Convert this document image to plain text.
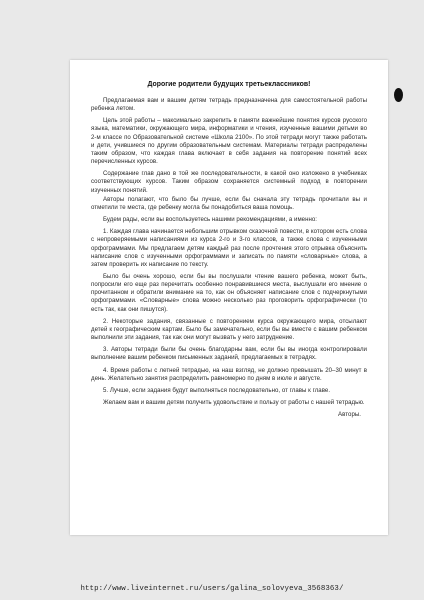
Дорогие родители будущих третьеклассников!

Предлагаемая вам и вашим детям тетрадь предназначена для самостоятельной работы ребенка летом.

Цель этой работы – максимально закрепить в памяти важнейшие понятия курсов русского языка, математики, окружающего мира, информатики и чтения, изученные вашими детьми во 2-м классе по Образовательной системе «Школа 2100». По этой тетради могут также работать и дети, учившиеся по другим образовательным системам. Материалы тетради распределены таким образом, что каждая глава включает в себя задания на повторение понятий всех перечисленных курсов.

Содержание глав дано в той же последовательности, в какой оно изложено в учебниках соответствующих курсов. Таким образом сохраняется системный подход в повторении изученных понятий.

Авторы полагают, что было бы лучше, если бы сначала эту тетрадь прочитали вы и отметили те места, где ребенку могла бы понадобиться ваша помощь.

Будем рады, если вы воспользуетесь нашими рекомендациями, а именно:

1. Каждая глава начинается небольшим отрывком сказочной повести, в котором есть слова с непроверяемыми написаниями из курса 2-го и 3-го классов, а также слова с изученными орфограммами. Мы предлагаем детям каждый раз после прочтения этого отрывка объяснить написание слов с изученными орфограммами и записать по памяти «словарные» слова, а затем проверить их написание по тексту.

Было бы очень хорошо, если бы вы послушали чтение вашего ребенка, может быть, попросили его еще раз перечитать особенно понравившиеся места, выслушали его мнение о прочитанном и обратили внимание на то, как он объясняет написание слов с подчеркнутыми орфограммами. «Словарные» слова можно несколько раз проговорить орфографически (то есть так, как они пишутся).

2. Некоторые задания, связанные с повторением курса окружающего мира, отсылают детей к географическим картам. Было бы замечательно, если бы вы вместе с вашим ребенком выполнили эти задания, так как они могут вызвать у него затруднение.

3. Авторы тетради были бы очень благодарны вам, если бы вы иногда контролировали выполнение вашим ребенком письменных заданий, предлагаемых в тетрадях.

4. Время работы с летней тетрадью, на наш взгляд, не должно превышать 20–30 минут в день. Желательно занятия распределить равномерно по дням в июле и августе.

5. Лучше, если задания будут выполняться последовательно, от главы к главе.

Желаем вам и вашим детям получить удовольствие и пользу от работы с нашей тетрадью.

Авторы.
http://www.liveinternet.ru/users/galina_solovyeva_3568363/
